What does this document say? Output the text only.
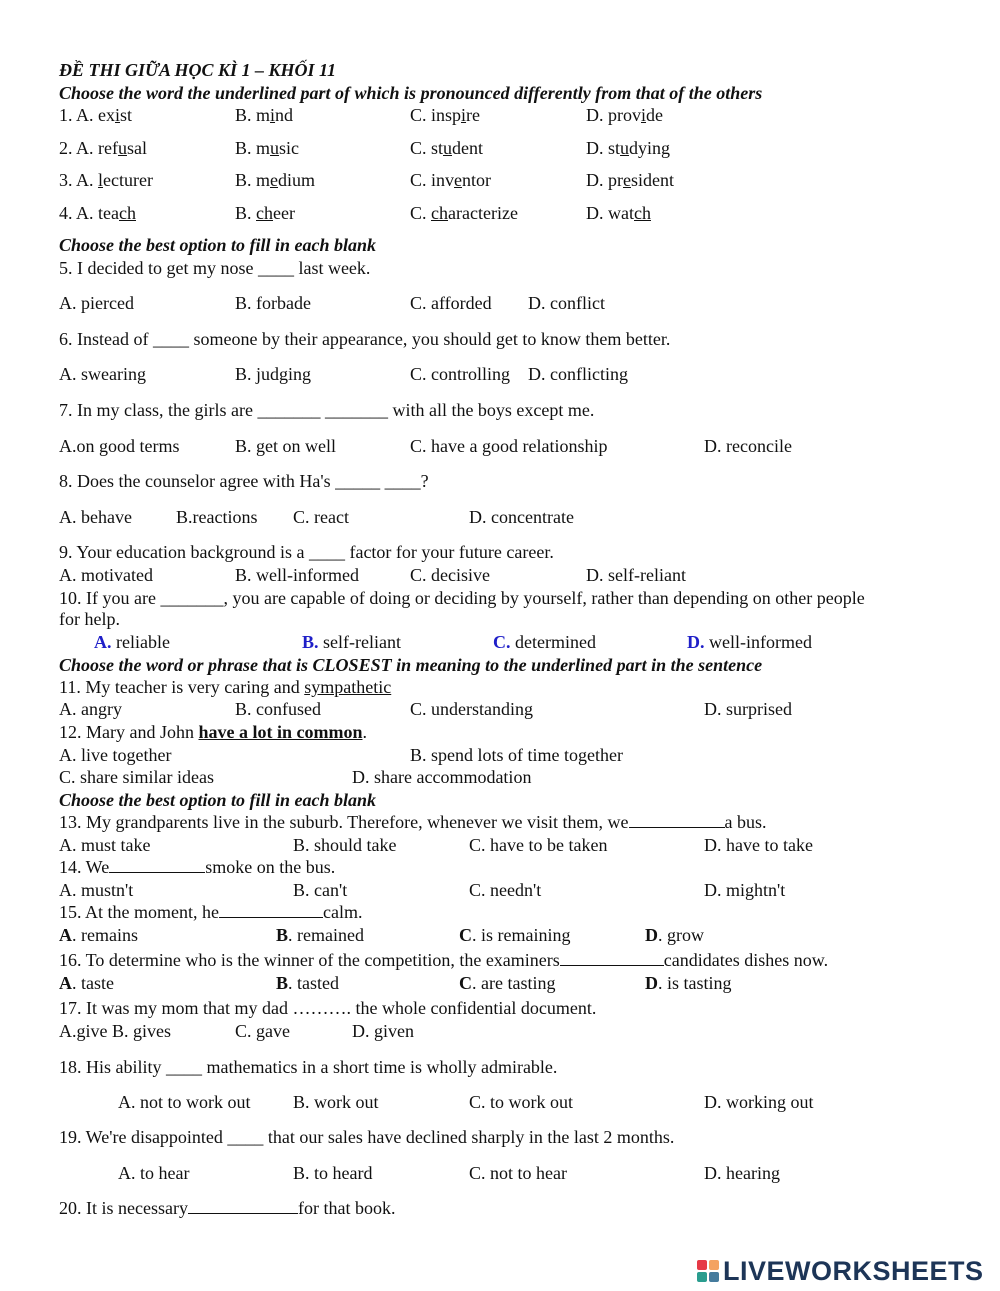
ĐỀ THI GIỮA HỌC KÌ 1 – KHỐI 11
Choose the word the underlined part of which is pronounced differently from that of the others
1. A. exist	B. mind	C. inspire	D. provide
2. A. refusal	B. music	C. student	D. studying
3. A. lecturer	B. medium	C. inventor	D. president
4. A. teach	B. cheer	C. characterize	D. watch
Choose the best option to fill in each blank
5. I decided to get my nose ____ last week.
A. pierced	B. forbade	C. afforded D. conflict
6. Instead of ____ someone by their appearance, you should get to know them better.
A. swearing	B. judging	C. controlling D. conflicting
7. In my class, the girls are _______ _______ with all the boys except me.
A.on good terms	B. get on well	C. have a good relationship	D. reconcile
8. Does the counselor agree with Ha's _____ ____?
A. behave B.reactions C. react	D. concentrate
9. Your education background is a ____ factor for your future career.
A. motivated	B. well-informed	C. decisive	D. self-reliant
10. If you are _______, you are capable of doing or deciding by yourself, rather than depending on other people
for help.
A. reliable	B. self-reliant	C. determined	D. well-informed
Choose the word or phrase that is CLOSEST in meaning to the underlined part in the sentence
11. My teacher is very caring and sympathetic
A. angry	B. confused	C. understanding	D. surprised
12. Mary and John have a lot in common.
A. live together	B. spend lots of time together
C. share similar ideas	D. share accommodation
Choose the best option to fill in each blank
13. My grandparents live in the suburb. Therefore, whenever we visit them, we	a bus.
A. must take	B. should take	C. have to be taken	D. have to take
14. We	smoke on the bus.
A. mustn't	B. can't	C. needn't	D. mightn't
15. At the moment, he	calm.
A. remains	B. remained	C. is remaining	D. grow
16. To determine who is the winner of the competition, the examiners	candidates dishes now.
A. taste	B. tasted	C. are tasting	D. is tasting
17. It was my mom that my dad ………. the whole confidential document.
A.give B. gives	C. gave	D. given
18. His ability ____ mathematics in a short time is wholly admirable.
A. not to work out B. work out	C. to work out	D. working out
19. We're disappointed ____ that our sales have declined sharply in the last 2 months.
A. to hear	B. to heard	C. not to hear	D. hearing
20. It is necessary	for that book.
LIVEWORKSHEETS
